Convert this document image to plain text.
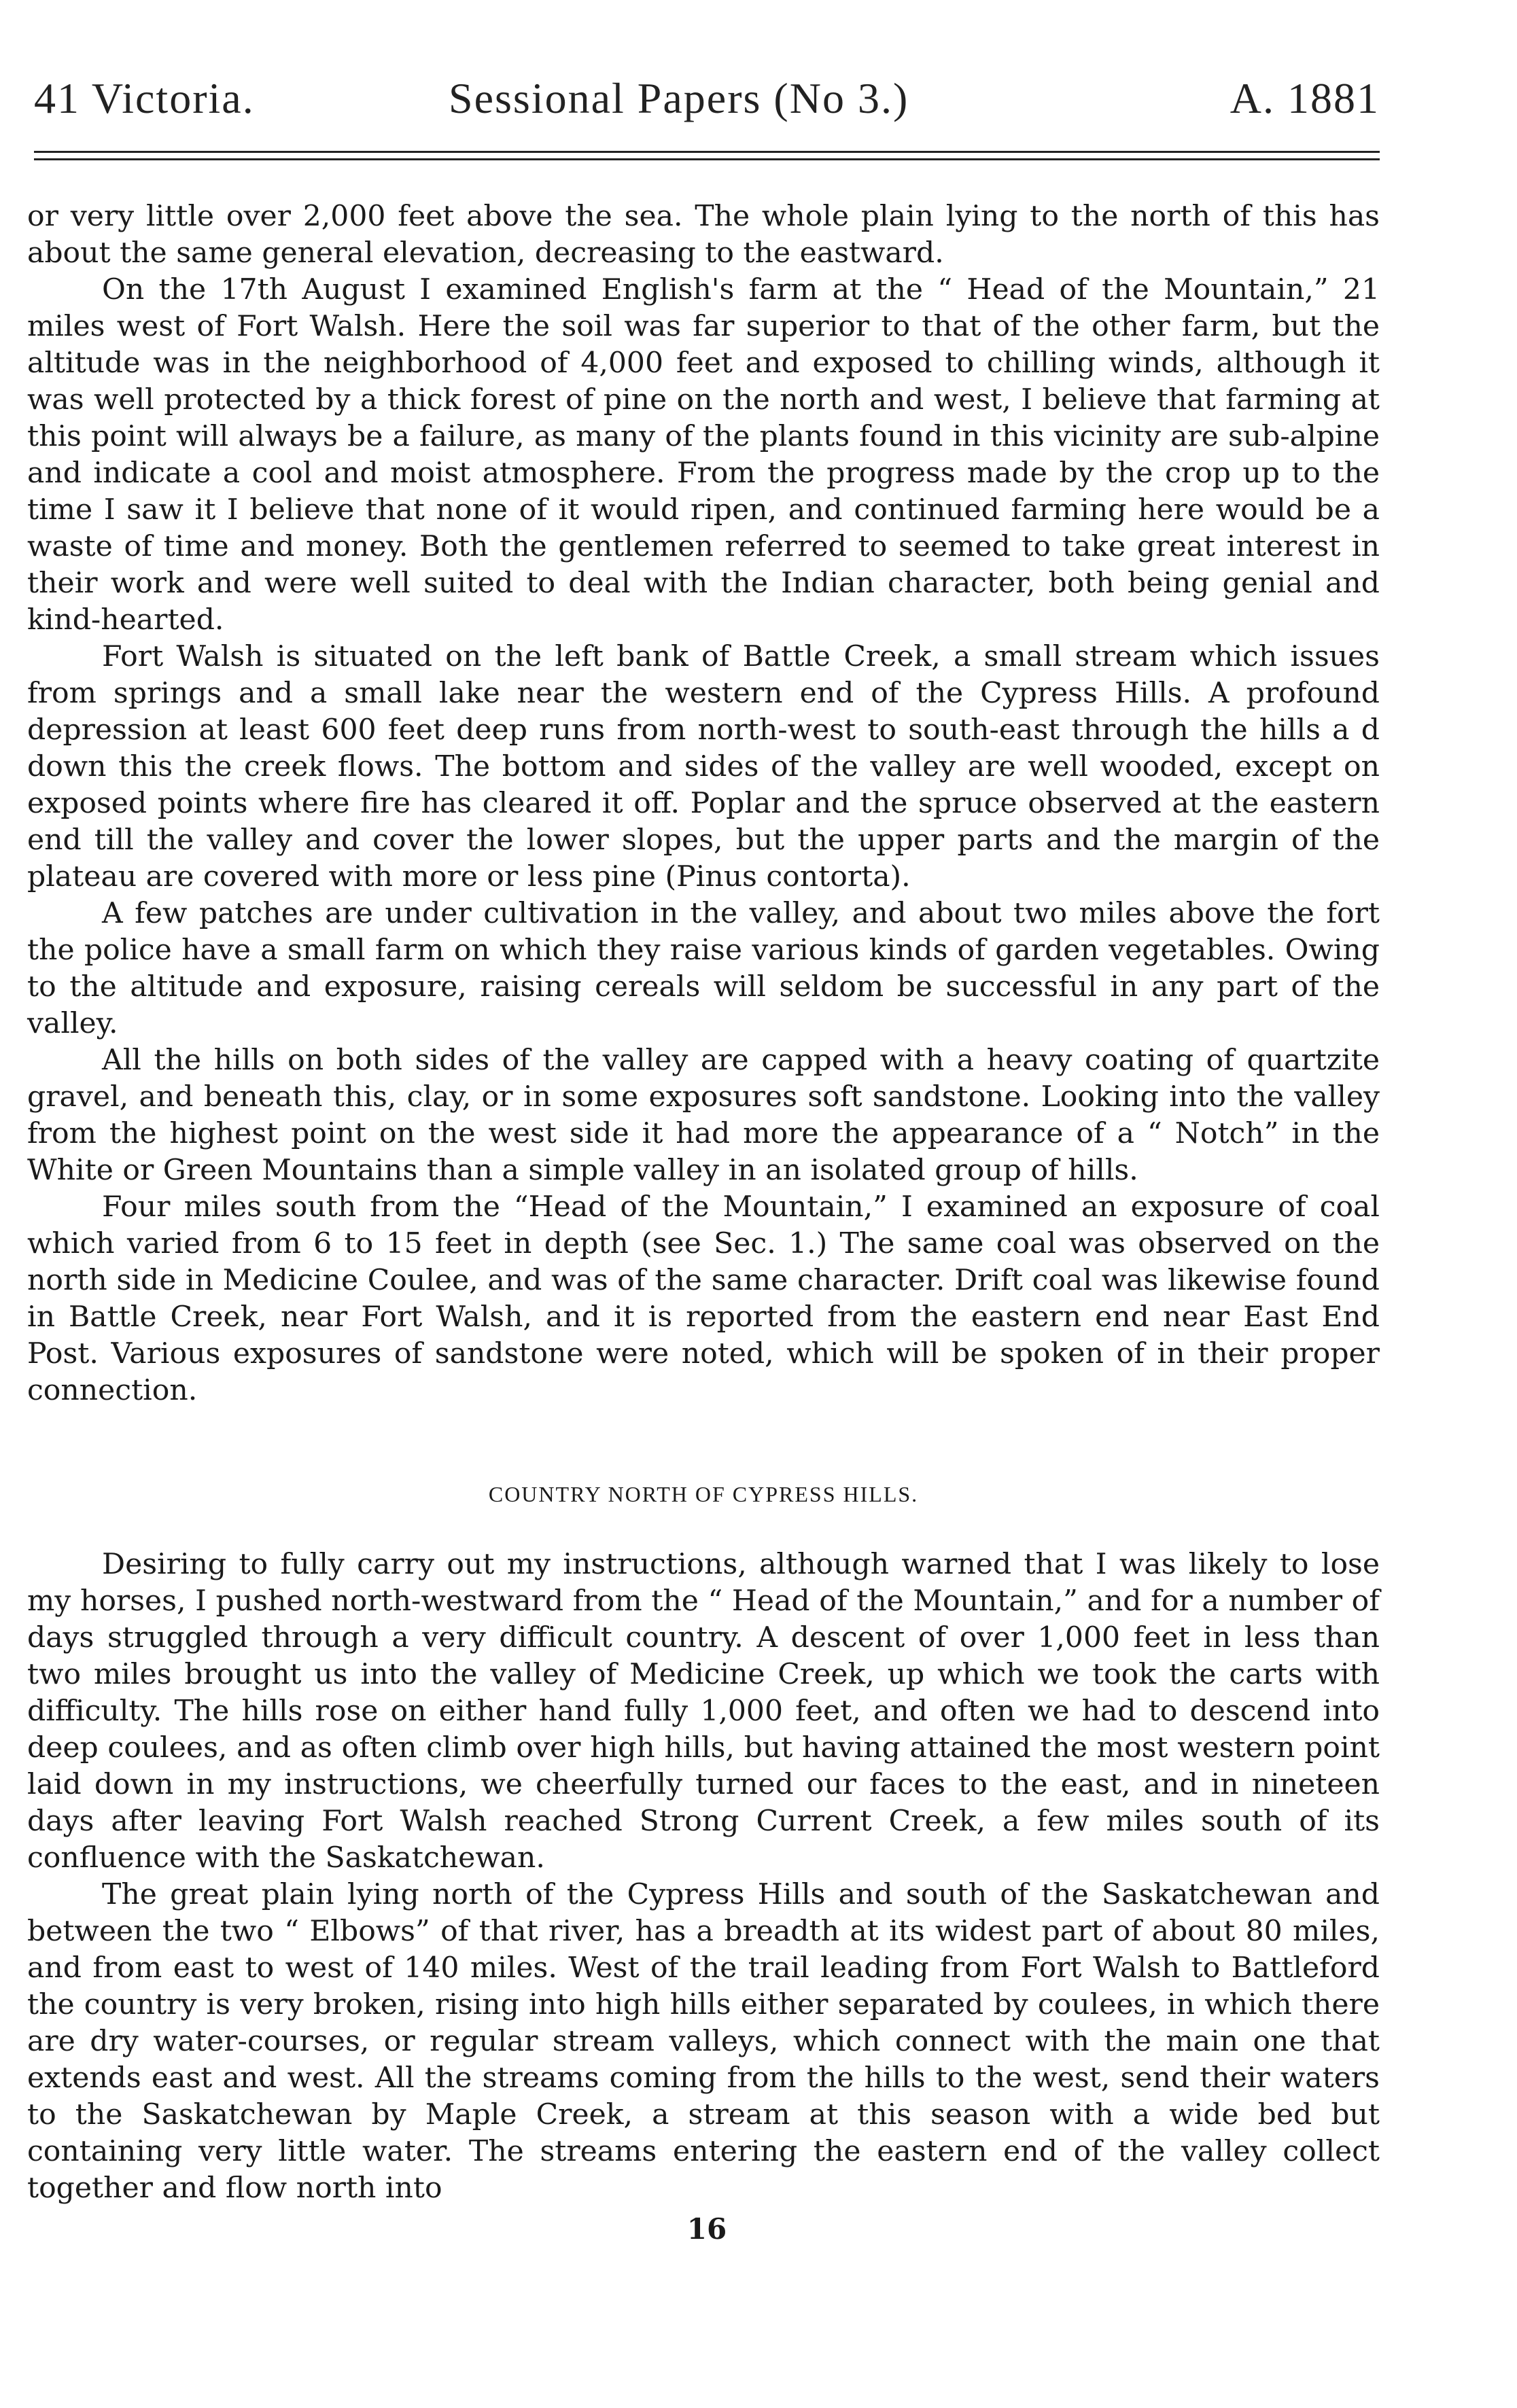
41 Victoria.	Sessional Papers (No 3.)	A. 1881

or very little over 2,000 feet above the sea. The whole plain lying to the north of this has about the same general elevation, decreasing to the eastward.

On the 17th August I examined English's farm at the “ Head of the Mountain,” 21 miles west of Fort Walsh. Here the soil was far superior to that of the other farm, but the altitude was in the neighborhood of 4,000 feet and exposed to chilling winds, although it was well protected by a thick forest of pine on the north and west, I believe that farming at this point will always be a failure, as many of the plants found in this vicinity are sub-alpine and indicate a cool and moist atmosphere. From the progress made by the crop up to the time I saw it I believe that none of it would ripen, and continued farming here would be a waste of time and money. Both the gentlemen referred to seemed to take great interest in their work and were well suited to deal with the Indian character, both being genial and kind-hearted.

Fort Walsh is situated on the left bank of Battle Creek, a small stream which issues from springs and a small lake near the western end of the Cypress Hills. A profound depression at least 600 feet deep runs from north-west to south-east through the hills a d down this the creek flows. The bottom and sides of the valley are well wooded, except on exposed points where fire has cleared it off. Poplar and the spruce observed at the eastern end till the valley and cover the lower slopes, but the upper parts and the margin of the plateau are covered with more or less pine (Pinus contorta).

A few patches are under cultivation in the valley, and about two miles above the fort the police have a small farm on which they raise various kinds of garden vegetables. Owing to the altitude and exposure, raising cereals will seldom be successful in any part of the valley.

All the hills on both sides of the valley are capped with a heavy coating of quartzite gravel, and beneath this, clay, or in some exposures soft sandstone. Looking into the valley from the highest point on the west side it had more the appearance of a “ Notch” in the White or Green Mountains than a simple valley in an isolated group of hills.

Four miles south from the “Head of the Mountain,” I examined an exposure of coal which varied from 6 to 15 feet in depth (see Sec. 1.) The same coal was observed on the north side in Medicine Coulee, and was of the same character. Drift coal was likewise found in Battle Creek, near Fort Walsh, and it is reported from the eastern end near East End Post. Various exposures of sandstone were noted, which will be spoken of in their proper connection.

COUNTRY NORTH OF CYPRESS HILLS.

Desiring to fully carry out my instructions, although warned that I was likely to lose my horses, I pushed north-westward from the “ Head of the Mountain,” and for a number of days struggled through a very difficult country. A descent of over 1,000 feet in less than two miles brought us into the valley of Medicine Creek, up which we took the carts with difficulty. The hills rose on either hand fully 1,000 feet, and often we had to descend into deep coulees, and as often climb over high hills, but having attained the most western point laid down in my instructions, we cheerfully turned our faces to the east, and in nineteen days after leaving Fort Walsh reached Strong Current Creek, a few miles south of its confluence with the Saskatchewan.

The great plain lying north of the Cypress Hills and south of the Saskatchewan and between the two “ Elbows” of that river, has a breadth at its widest part of about 80 miles, and from east to west of 140 miles. West of the trail leading from Fort Walsh to Battleford the country is very broken, rising into high hills either separated by coulees, in which there are dry water-courses, or regular stream valleys, which connect with the main one that extends east and west. All the streams coming from the hills to the west, send their waters to the Saskatchewan by Maple Creek, a stream at this season with a wide bed but containing very little water. The streams entering the eastern end of the valley collect together and flow north into

16
